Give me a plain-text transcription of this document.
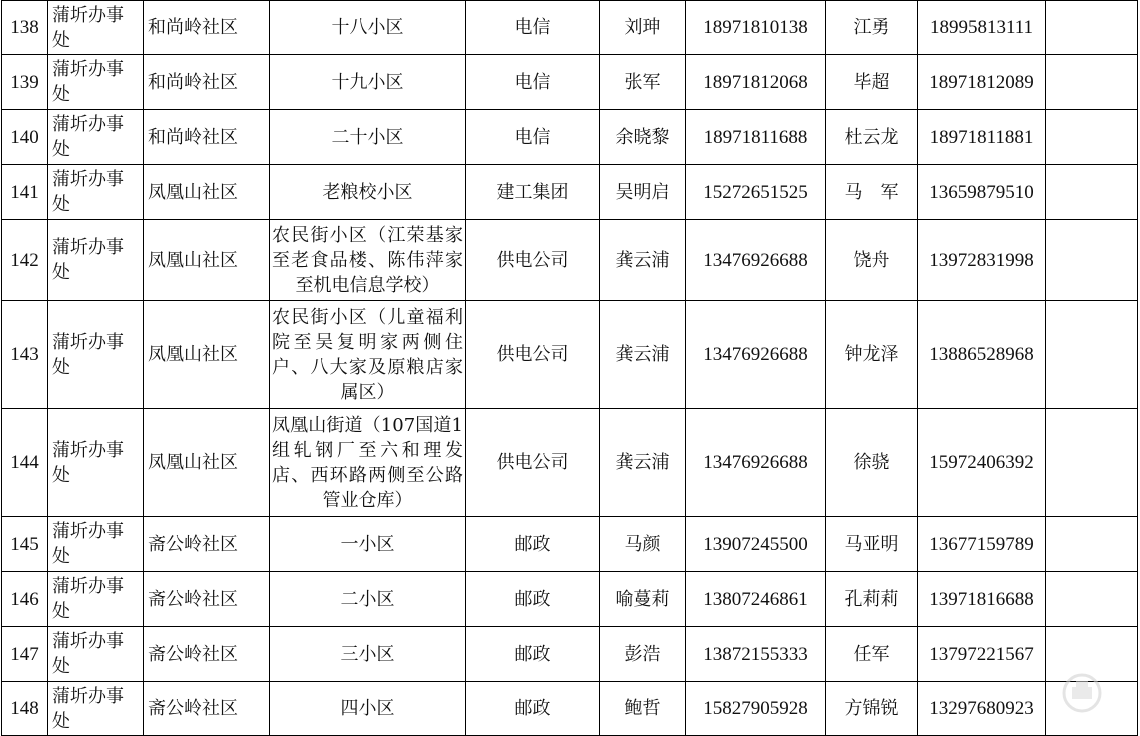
138	蒲圻办事处	和尚岭社区	十八小区	电信	刘珅	18971810138	江勇	18995813111	
139	蒲圻办事处	和尚岭社区	十九小区	电信	张军	18971812068	毕超	18971812089	
140	蒲圻办事处	和尚岭社区	二十小区	电信	余晓黎	18971811688	杜云龙	18971811881	
141	蒲圻办事处	凤凰山社区	老粮校小区	建工集团	吴明启	15272651525	马　军	13659879510	
142	蒲圻办事处	凤凰山社区	农民街小区（江荣基家至老食品楼、陈伟萍家至机电信息学校）	供电公司	龚云浦	13476926688	饶舟	13972831998	
143	蒲圻办事处	凤凰山社区	农民街小区（儿童福利院至吴复明家两侧住户、八大家及原粮店家属区）	供电公司	龚云浦	13476926688	钟龙泽	13886528968	
144	蒲圻办事处	凤凰山社区	凤凰山街道（107国道1组轧钢厂至六和理发店、西环路两侧至公路管业仓库）	供电公司	龚云浦	13476926688	徐骁	15972406392	
145	蒲圻办事处	斋公岭社区	一小区	邮政	马颜	13907245500	马亚明	13677159789	
146	蒲圻办事处	斋公岭社区	二小区	邮政	喻蔓莉	13807246861	孔莉莉	13971816688	
147	蒲圻办事处	斋公岭社区	三小区	邮政	彭浩	13872155333	任军	13797221567	
148	蒲圻办事处	斋公岭社区	四小区	邮政	鲍哲	15827905928	方锦锐	13297680923	
